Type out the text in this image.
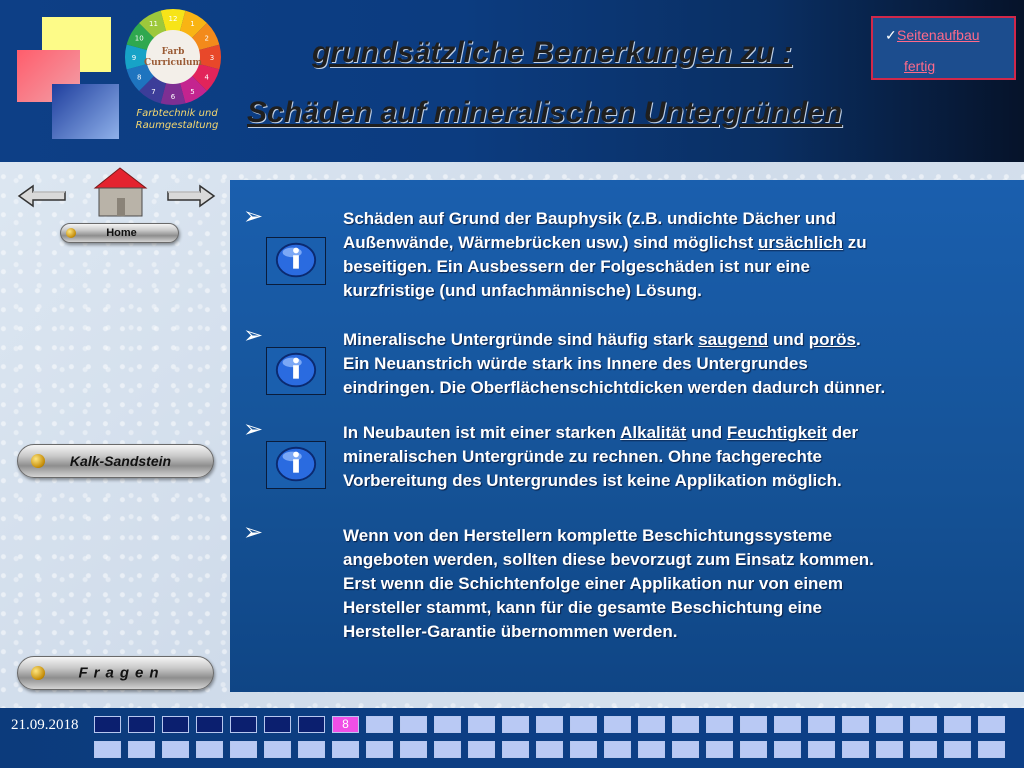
Farb
Curriculum
1
2
3
4
5
6
7
8
9
10
11
12
Farbtechnik und
Raumgestaltung
grundsätzliche Bemerkungen zu :
Schäden auf mineralischen Untergründen
✓ Seitenaufbau
fertig
Home
Kalk-Sandstein
Fragen
➢
➢
➢
➢
Schäden auf Grund der Bauphysik (z.B. undichte Dächer und
Außenwände, Wärmebrücken usw.) sind möglichst ursächlich zu
beseitigen. Ein Ausbessern der Folgeschäden ist nur eine
kurzfristige (und unfachmännische) Lösung.
Mineralische Untergründe sind häufig stark saugend und porös.
Ein Neuanstrich würde stark ins Innere des Untergrundes
eindringen. Die Oberflächenschichtdicken werden dadurch dünner.
In Neubauten ist mit einer starken Alkalität und Feuchtigkeit der
mineralischen Untergründe zu rechnen. Ohne fachgerechte
Vorbereitung des Untergrundes ist keine Applikation möglich.
Wenn von den Herstellern komplette Beschichtungssysteme
angeboten werden, sollten diese bevorzugt zum Einsatz kommen.
Erst wenn die Schichtenfolge einer Applikation nur von einem
Hersteller stammt, kann für die gesamte Beschichtung eine
Hersteller-Garantie übernommen werden.
21.09.2018	8
